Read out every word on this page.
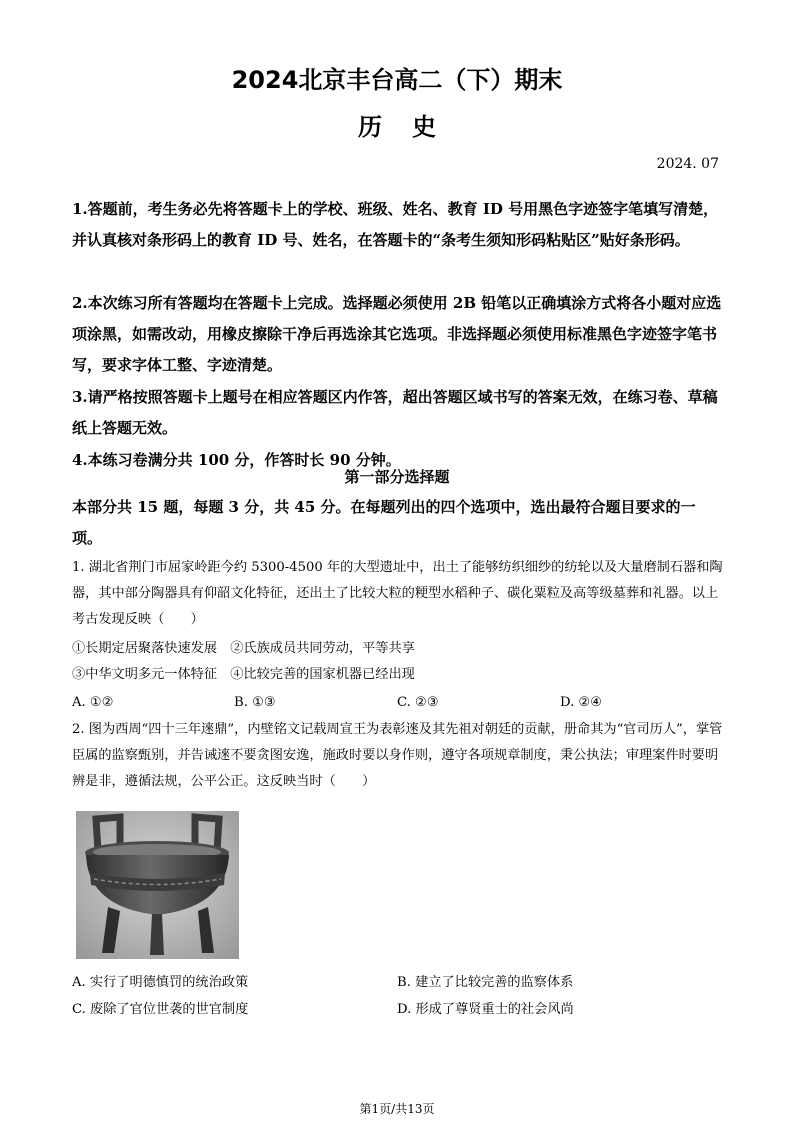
2024北京丰台高二（下）期末
历史
2024. 07

1.答题前，考生务必先将答题卡上的学校、班级、姓名、教育 ID 号用黑色字迹签字笔填写清楚，并认真核对条形码上的教育 ID 号、姓名，在答题卡的“条考生须知形码粘贴区”贴好条形码。

2.本次练习所有答题均在答题卡上完成。选择题必须使用 2B 铅笔以正确填涂方式将各小题对应选项涂黑，如需改动，用橡皮擦除干净后再选涂其它选项。非选择题必须使用标准黑色字迹签字笔书写，要求字体工整、字迹清楚。

3.请严格按照答题卡上题号在相应答题区内作答，超出答题区域书写的答案无效，在练习卷、草稿纸上答题无效。

4.本练习卷满分共 100 分，作答时长 90 分钟。

第一部分选择题

本部分共 15 题，每题 3 分，共 45 分。在每题列出的四个选项中，选出最符合题目要求的一项。

1. 湖北省荆门市屈家岭距今约 5300-4500 年的大型遗址中，出土了能够纺织细纱的纺轮以及大量磨制石器和陶器，其中部分陶器具有仰韶文化特征，还出土了比较大粒的粳型水稻种子、碳化粟粒及高等级墓葬和礼器。以上考古发现反映（　　）

①长期定居聚落快速发展　②氏族成员共同劳动，平等共享

③中华文明多元一体特征　④比较完善的国家机器已经出现

A. ①②	B. ①③	C. ②③	D. ②④

2. 图为西周“四十三年逨鼎”，内壁铭文记载周宣王为表彰逨及其先祖对朝廷的贡献，册命其为“官司历人”，掌管臣属的监察甄别，并告诫逨不要贪图安逸，施政时要以身作则，遵守各项规章制度，秉公执法；审理案件时要明辨是非，遵循法规，公平公正。这反映当时（　　）

A. 实行了明德慎罚的统治政策	B. 建立了比较完善的监察体系
C. 废除了官位世袭的世官制度	D. 形成了尊贤重士的社会风尚
第1页/共13页
